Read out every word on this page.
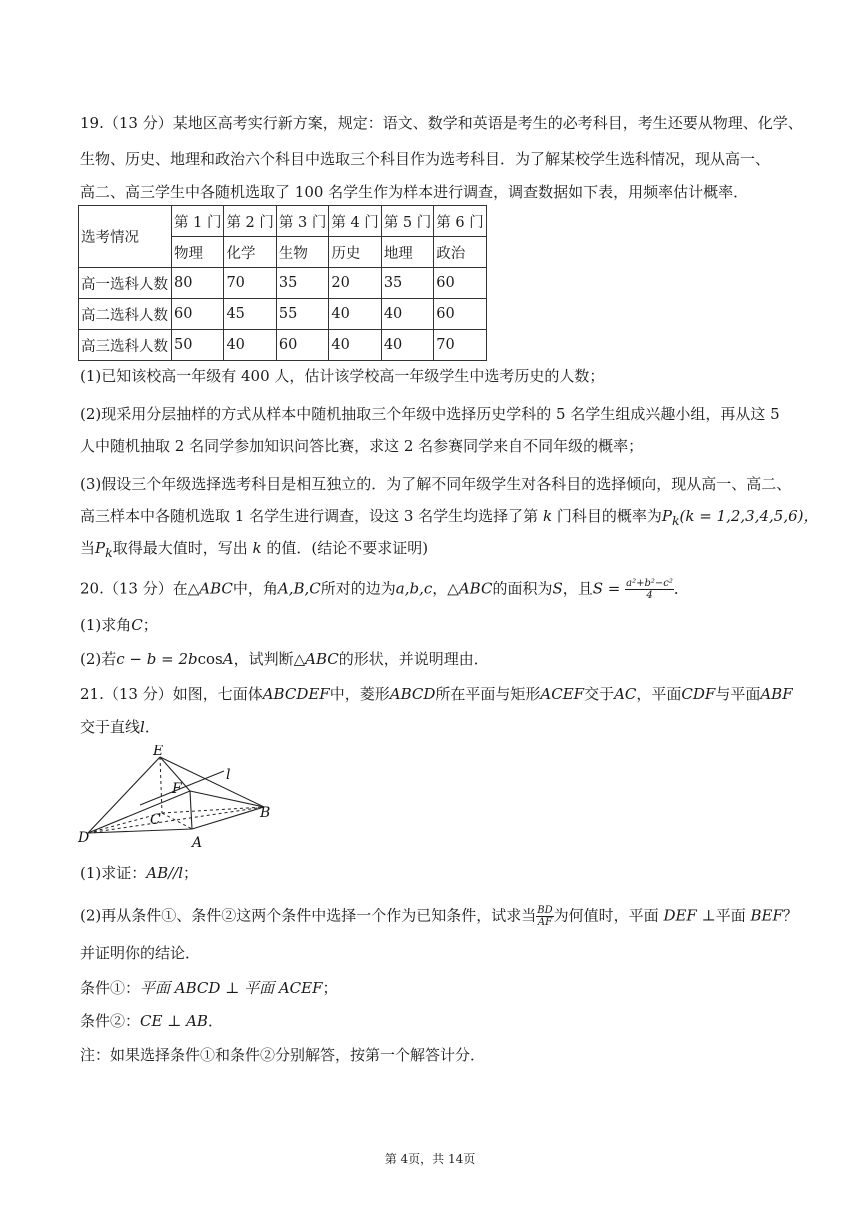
19.（13 分）某地区高考实行新方案，规定：语文、数学和英语是考生的必考科目，考生还要从物理、化学、
生物、历史、地理和政治六个科目中选取三个科目作为选考科目．为了解某校学生选科情况，现从高一、
高二、高三学生中各随机选取了 100 名学生作为样本进行调查，调查数据如下表，用频率估计概率．
选考情况	第 1 门	第 2 门	第 3 门	第 4 门	第 5 门	第 6 门
	物理	化学	生物	历史	地理	政治
高一选科人数	80	70	35	20	35	60
高二选科人数	60	45	55	40	40	60
高三选科人数	50	40	60	40	40	70
(1)已知该校高一年级有 400 人，估计该学校高一年级学生中选考历史的人数；
(2)现采用分层抽样的方式从样本中随机抽取三个年级中选择历史学科的 5 名学生组成兴趣小组，再从这 5
人中随机抽取 2 名同学参加知识问答比赛，求这 2 名参赛同学来自不同年级的概率；
(3)假设三个年级选择选考科目是相互独立的．为了解不同年级学生对各科目的选择倾向，现从高一、高二、
高三样本中各随机选取 1 名学生进行调查，设这 3 名学生均选择了第 k 门科目的概率为$P_k(k = 1,2,3,4,5,6)$，
当$P_k$取得最大值时，写出 k 的值．(结论不要求证明)
20.（13 分）在△ABC中，角A,B,C所对的边为a,b,c，△ABC的面积为S，且$S = \frac{\text{a²+b²−c²}}{4}$ ．
(1)求角C；
(2)若c − b = 2bcosA，试判断△ABC的形状，并说明理由．
21.（13 分）如图，七面体ABCDEF中，菱形ABCD所在平面与矩形ACEF交于AC，平面CDF与平面ABF
交于直线l．
E
F
l
C	B
D	A
(1)求证：AB//l；
(2)再从条件①、条件②这两个条件中选择一个作为已知条件，试求当 $\frac{BD}{AF}$ 为何值时，平面 DEF ⊥平面 BEF？
并证明你的结论．
条件①：平面 ABCD ⊥ 平面 ACEF；
条件②：CE ⊥ AB．
注：如果选择条件①和条件②分别解答，按第一个解答计分．
第 4页，共 14页
